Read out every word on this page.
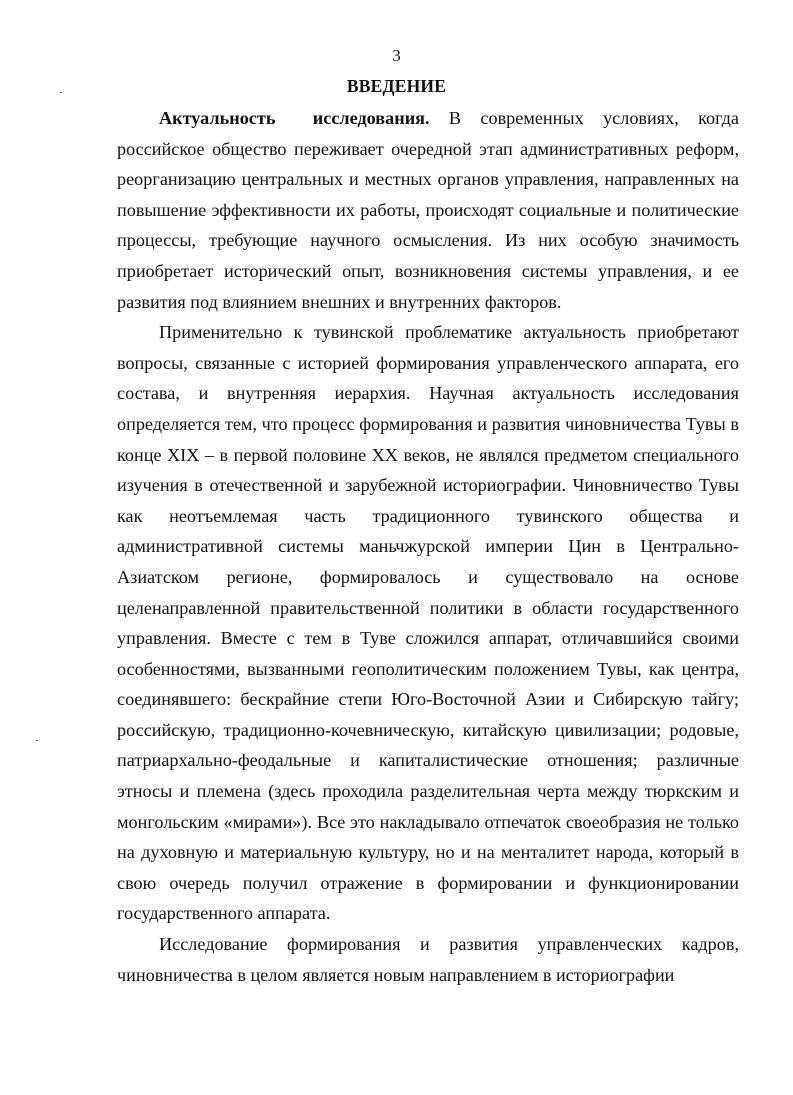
3
ВВЕДЕНИЕ

Актуальность исследования. В современных условиях, когда российское общество переживает очередной этап административных реформ, реорганизацию центральных и местных органов управления, направленных на повышение эффективности их работы, происходят социальные и политические процессы, требующие научного осмысления. Из них особую значимость приобретает исторический опыт, возникновения системы управления, и ее развития под влиянием внешних и внутренних факторов.

Применительно к тувинской проблематике актуальность приобретают вопросы, связанные с историей формирования управленческого аппарата, его состава, и внутренняя иерархия. Научная актуальность исследования определяется тем, что процесс формирования и развития чиновничества Тувы в конце XIX – в первой половине XX веков, не являлся предметом специального изучения в отечественной и зарубежной историографии. Чиновничество Тувы как неотъемлемая часть традиционного тувинского общества и административной системы маньчжурской империи Цин в Центрально-Азиатском регионе, формировалось и существовало на основе целенаправленной правительственной политики в области государственного управления. Вместе с тем в Туве сложился аппарат, отличавшийся своими особенностями, вызванными геополитическим положением Тувы, как центра, соединявшего: бескрайние степи Юго-Восточной Азии и Сибирскую тайгу; российскую, традиционно-кочевническую, китайскую цивилизации; родовые, патриархально-феодальные и капиталистические отношения; различные этносы и племена (здесь проходила разделительная черта между тюркским и монгольским «мирами»). Все это накладывало отпечаток своеобразия не только на духовную и материальную культуру, но и на менталитет народа, который в свою очередь получил отражение в формировании и функционировании государственного аппарата.

Исследование формирования и развития управленческих кадров, чиновничества в целом является новым направлением в историографии
